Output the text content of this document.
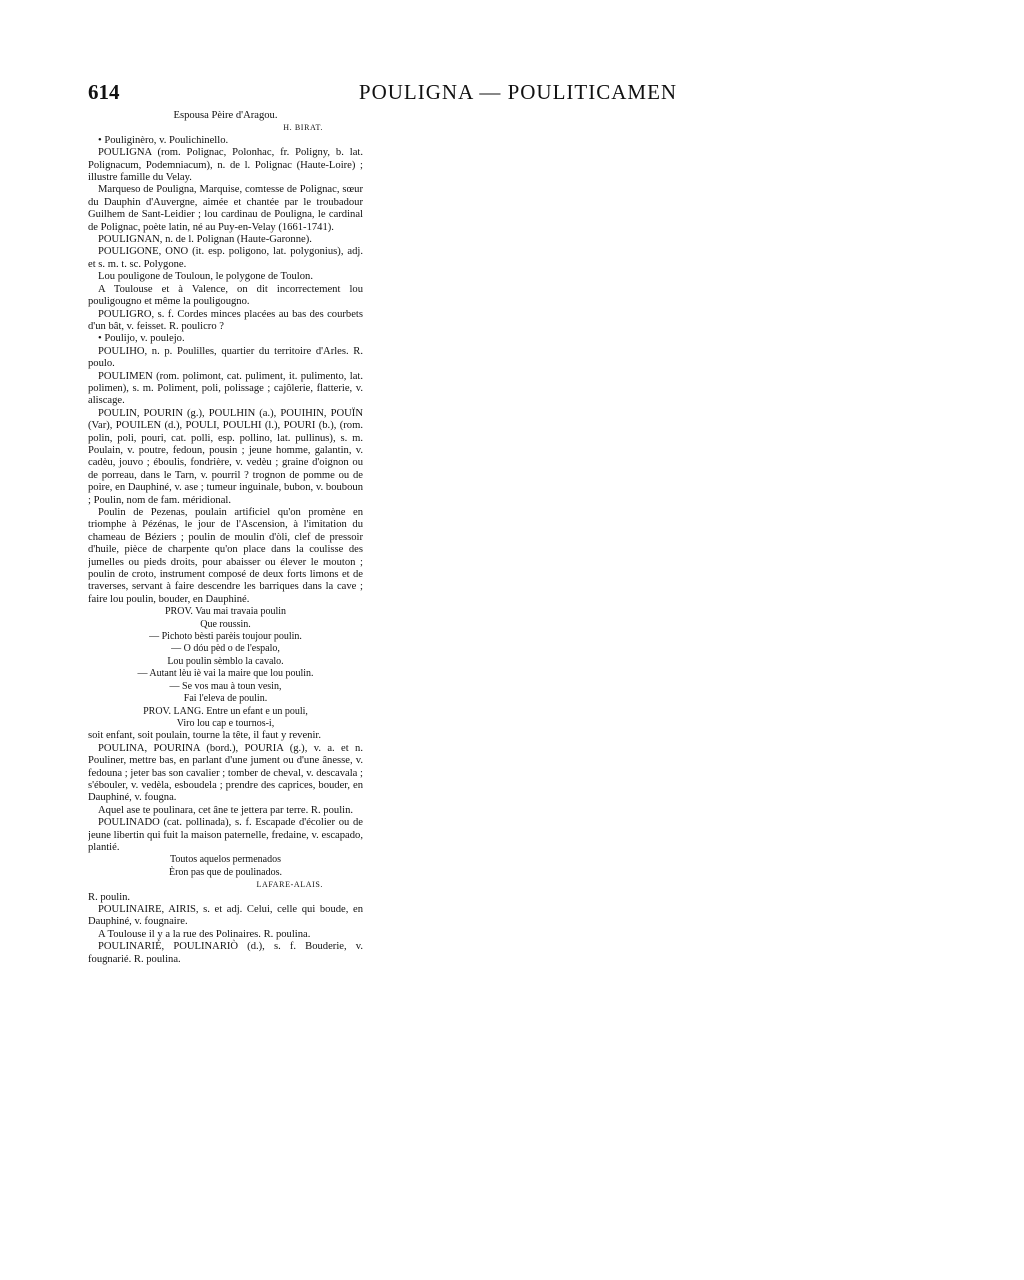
614	POULIGNA — POULITICAMEN

Espousa Pèire d'Aragou.

H. BIRAT.

• Pouliginèro, v. Poulichinello.

POULIGNA (rom. Polignac, Polonhac, fr. Poligny, b. lat. Polignacum, Podemniacum), n. de l. Polignac (Haute-Loire) ; illustre famille du Velay.

Marqueso de Pouligna, Marquise, comtesse de Polignac, sœur du Dauphin d'Auvergne, aimée et chantée par le troubadour Guilhem de Sant-Leidier ; lou cardinau de Pouligna, le cardinal de Polignac, poète latin, né au Puy-en-Velay (1661-1741).

POULIGNAN, n. de l. Polignan (Haute-Garonne).

POULIGONE, ONO (it. esp. poligono, lat. polygonius), adj. et s. m. t. sc. Polygone.

Lou pouligone de Touloun, le polygone de Toulon.

A Toulouse et à Valence, on dit incorrectement lou pouligougno et même la pouligougno.

POULIGRO, s. f. Cordes minces placées au bas des courbets d'un bât, v. feisset. R. poulicro ?

• Poulijo, v. poulejo.

POULIHO, n. p. Poulilles, quartier du territoire d'Arles. R. poulo.

POULIMEN (rom. polimont, cat. puliment, it. pulimento, lat. polimen), s. m. Poliment, poli, polissage ; cajôlerie, flatterie, v. aliscage.

POULIN, POURIN (g.), POULHIN (a.), POUIHIN, POUÏN (Var), POUILEN (d.), POULI, POULHI (l.), POURI (b.), (rom. polin, poli, pouri, cat. polli, esp. pollino, lat. pullinus), s. m. Poulain, v. poutre, fedoun, pousin ; jeune homme, galantin, v. cadèu, jouvo ; éboulis, fondrière, v. vedèu ; graine d'oignon ou de porreau, dans le Tarn, v. pourril ? trognon de pomme ou de poire, en Dauphiné, v. ase ; tumeur inguinale, bubon, v. bouboun ; Poulin, nom de fam. méridional.

Poulin de Pezenas, poulain artificiel qu'on promène en triomphe à Pézénas, le jour de l'Ascension, à l'imitation du chameau de Béziers ; poulin de moulin d'òli, clef de pressoir d'huile, pièce de charpente qu'on place dans la coulisse des jumelles ou pieds droits, pour abaisser ou élever le mouton ; poulin de croto, instrument composé de deux forts limons et de traverses, servant à faire descendre les barriques dans la cave ; faire lou poulin, bouder, en Dauphiné.

PROV. Vau mai travaia poulin

Que roussin.

— Pichoto bèsti parèis toujour poulin.

— O dóu pèd o de l'espalo,

Lou poulin sèmblo la cavalo.

— Autant lèu iè vai la maire que lou poulin.

— Se vos mau à toun vesin,

Fai l'eleva de poulin.

PROV. LANG. Entre un efant e un pouli,

Viro lou cap e tournos-i,

soit enfant, soit poulain, tourne la tête, il faut y revenir.

POULINA, POURINA (bord.), POURIA (g.), v. a. et n. Pouliner, mettre bas, en parlant d'une jument ou d'une ânesse, v. fedouna ; jeter bas son cavalier ; tomber de cheval, v. descavala ; s'ébouler, v. vedèla, esboudela ; prendre des caprices, bouder, en Dauphiné, v. fougna.

Aquel ase te poulinara, cet âne te jettera par terre. R. poulin.

POULINADO (cat. pollinada), s. f. Escapade d'écolier ou de jeune libertin qui fuit la maison paternelle, fredaine, v. escapado, plantié.

Toutos aquelos permenados

Èron pas que de poulinados.

LAFARE-ALAIS.

R. poulin.

POULINAIRE, AIRIS, s. et adj. Celui, celle qui boude, en Dauphiné, v. fougnaire.

A Toulouse il y a la rue des Polinaires. R. poulina.

POULINARIÉ, POULINARIÒ (d.), s. f. Bouderie, v. fougnarié. R. poulina.
